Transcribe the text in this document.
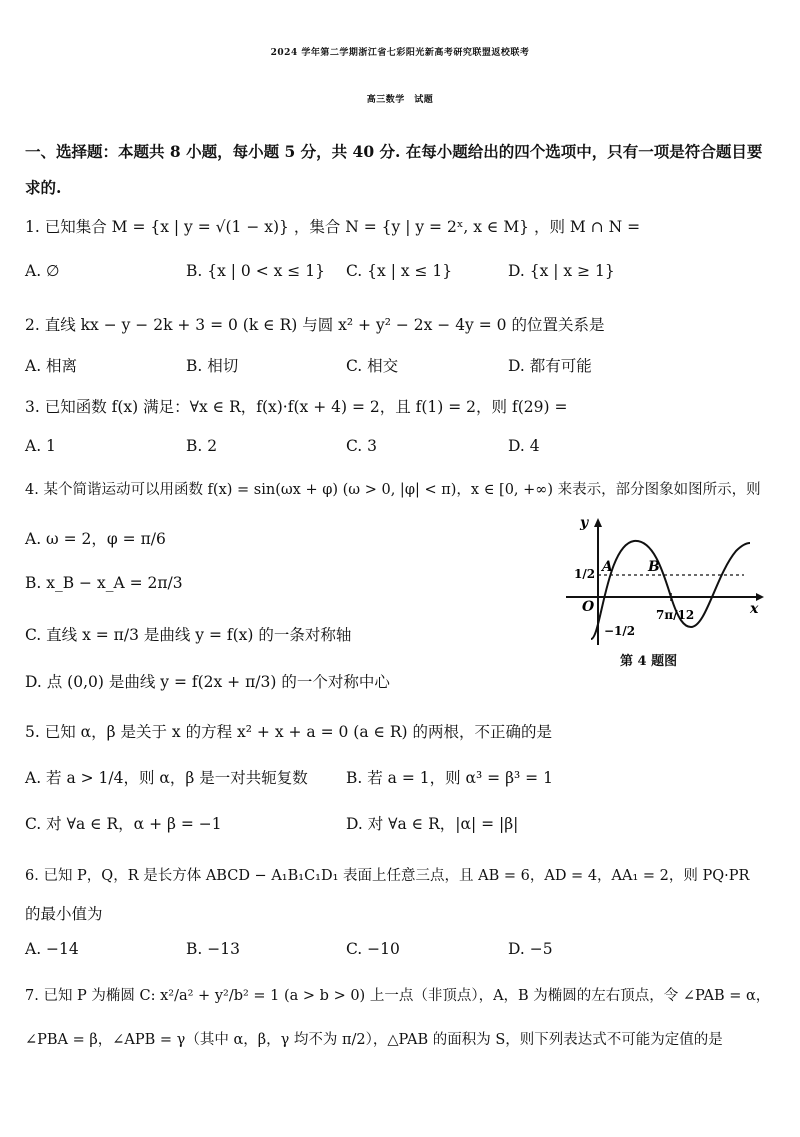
2024 学年第二学期浙江省七彩阳光新高考研究联盟返校联考
高三数学　试题
一、选择题：本题共 8 小题，每小题 5 分，共 40 分. 在每小题给出的四个选项中，只有一项是符合题目要
求的.
1. 已知集合 M = {x | y = √(1 − x)} ，集合 N = {y | y = 2ˣ, x ∈ M} ，则 M ∩ N =
A. ∅	B. {x | 0 < x ≤ 1} C. {x | x ≤ 1}	D. {x | x ≥ 1}
2. 直线 kx − y − 2k + 3 = 0 (k ∈ R) 与圆 x² + y² − 2x − 4y = 0 的位置关系是
A. 相离	B. 相切	C. 相交	D. 都有可能
3. 已知函数 f(x) 满足：∀x ∈ R，f(x)·f(x + 4) = 2，且 f(1) = 2，则 f(29) =
A. 1	B. 2	C. 3	D. 4
4. 某个简谐运动可以用函数 f(x) = sin(ωx + φ) (ω > 0, |φ| < π)，x ∈ [0, +∞) 来表示，部分图象如图所示，则
A. ω = 2，φ = π/6
B. x_B − x_A = 2π/3
C. 直线 x = π/3 是曲线 y = f(x) 的一条对称轴
D. 点 (0,0) 是曲线 y = f(2x + π/3) 的一个对称中心
y
x
O
1/2
−1/2
A	B
7π/12
第 4 题图
5. 已知 α，β 是关于 x 的方程 x² + x + a = 0 (a ∈ R) 的两根，不正确的是
A. 若 a > 1/4，则 α，β 是一对共轭复数 B. 若 a = 1，则 α³ = β³ = 1
C. 对 ∀a ∈ R，α + β = −1	D. 对 ∀a ∈ R，|α| = |β|
6. 已知 P，Q，R 是长方体 ABCD − A₁B₁C₁D₁ 表面上任意三点，且 AB = 6，AD = 4，AA₁ = 2，则 PQ·PR
的最小值为
A. −14	B. −13	C. −10	D. −5
7. 已知 P 为椭圆 C: x²/a² + y²/b² = 1 (a > b > 0) 上一点（非顶点），A，B 为椭圆的左右顶点，令 ∠PAB = α，
∠PBA = β，∠APB = γ（其中 α，β，γ 均不为 π/2），△PAB 的面积为 S，则下列表达式不可能为定值的是
